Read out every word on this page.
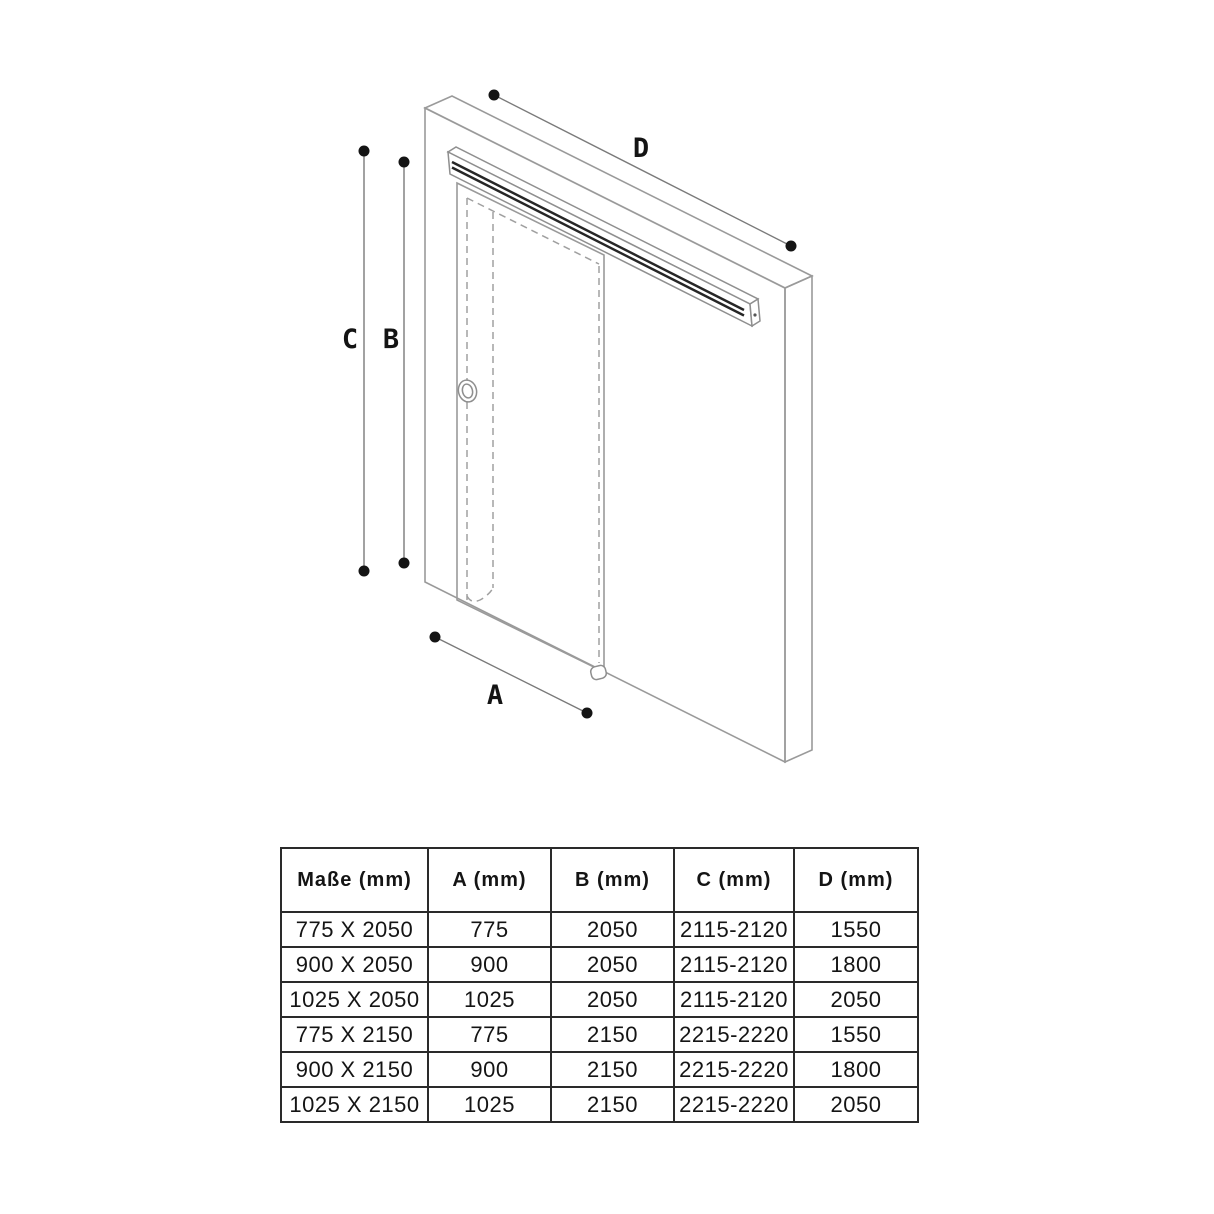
C B
D
A
Maße (mm)	A (mm)	B (mm)	C (mm)	D (mm)
775 X 2050	775	2050	2115-2120	1550
900 X 2050	900	2050	2115-2120	1800
1025 X 2050	1025	2050	2115-2120	2050
775 X 2150	775	2150	2215-2220	1550
900 X 2150	900	2150	2215-2220	1800
1025 X 2150	1025	2150	2215-2220	2050
